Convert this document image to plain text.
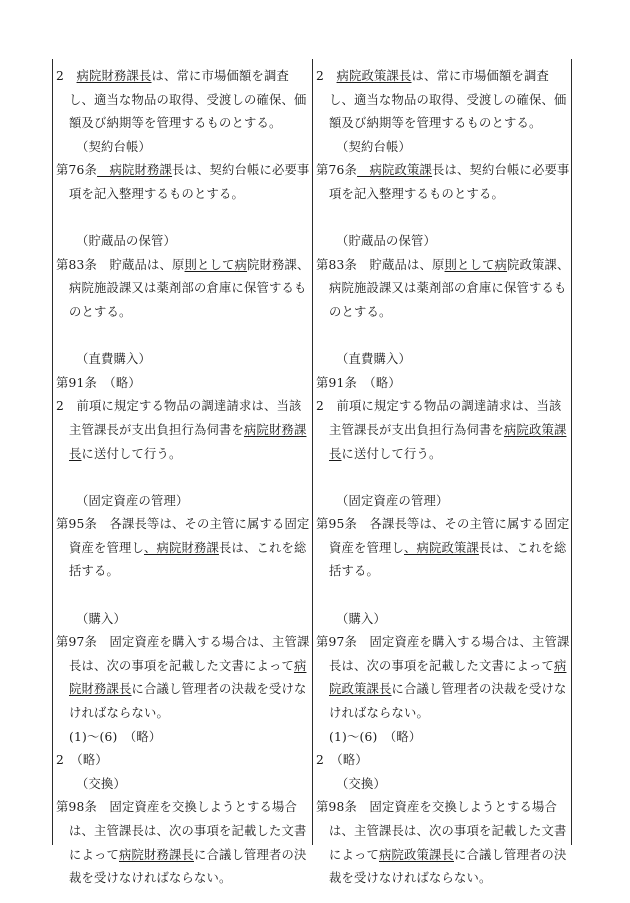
2　病院財務課長は、常に市場価額を調査
し、適当な物品の取得、受渡しの確保、価
額及び納期等を管理するものとする。
（契約台帳）
第76条　病院財務課長は、契約台帳に必要事
項を記入整理するものとする。
（貯蔵品の保管）
第83条　貯蔵品は、原則として病院財務課、
病院施設課又は薬剤部の倉庫に保管するも
のとする。
（直費購入）
第91条　（略）
2　前項に規定する物品の調達請求は、当該
主管課長が支出負担行為伺書を病院財務課
長に送付して行う。
（固定資産の管理）
第95条　各課長等は、その主管に属する固定
資産を管理し、病院財務課長は、これを総
括する。
（購入）
第97条　固定資産を購入する場合は、主管課
長は、次の事項を記載した文書によって病
院財務課長に合議し管理者の決裁を受けな
ければならない。
(1)〜(6)　（略）
2　（略）
（交換）
第98条　固定資産を交換しようとする場合
は、主管課長は、次の事項を記載した文書
によって病院財務課長に合議し管理者の決
裁を受けなければならない。
2　病院政策課長は、常に市場価額を調査
し、適当な物品の取得、受渡しの確保、価
額及び納期等を管理するものとする。
（契約台帳）
第76条　病院政策課長は、契約台帳に必要事
項を記入整理するものとする。
（貯蔵品の保管）
第83条　貯蔵品は、原則として病院政策課、
病院施設課又は薬剤部の倉庫に保管するも
のとする。
（直費購入）
第91条　（略）
2　前項に規定する物品の調達請求は、当該
主管課長が支出負担行為伺書を病院政策課
長に送付して行う。
（固定資産の管理）
第95条　各課長等は、その主管に属する固定
資産を管理し、病院政策課長は、これを総
括する。
（購入）
第97条　固定資産を購入する場合は、主管課
長は、次の事項を記載した文書によって病
院政策課長に合議し管理者の決裁を受けな
ければならない。
(1)〜(6)　（略）
2　（略）
（交換）
第98条　固定資産を交換しようとする場合
は、主管課長は、次の事項を記載した文書
によって病院政策課長に合議し管理者の決
裁を受けなければならない。
